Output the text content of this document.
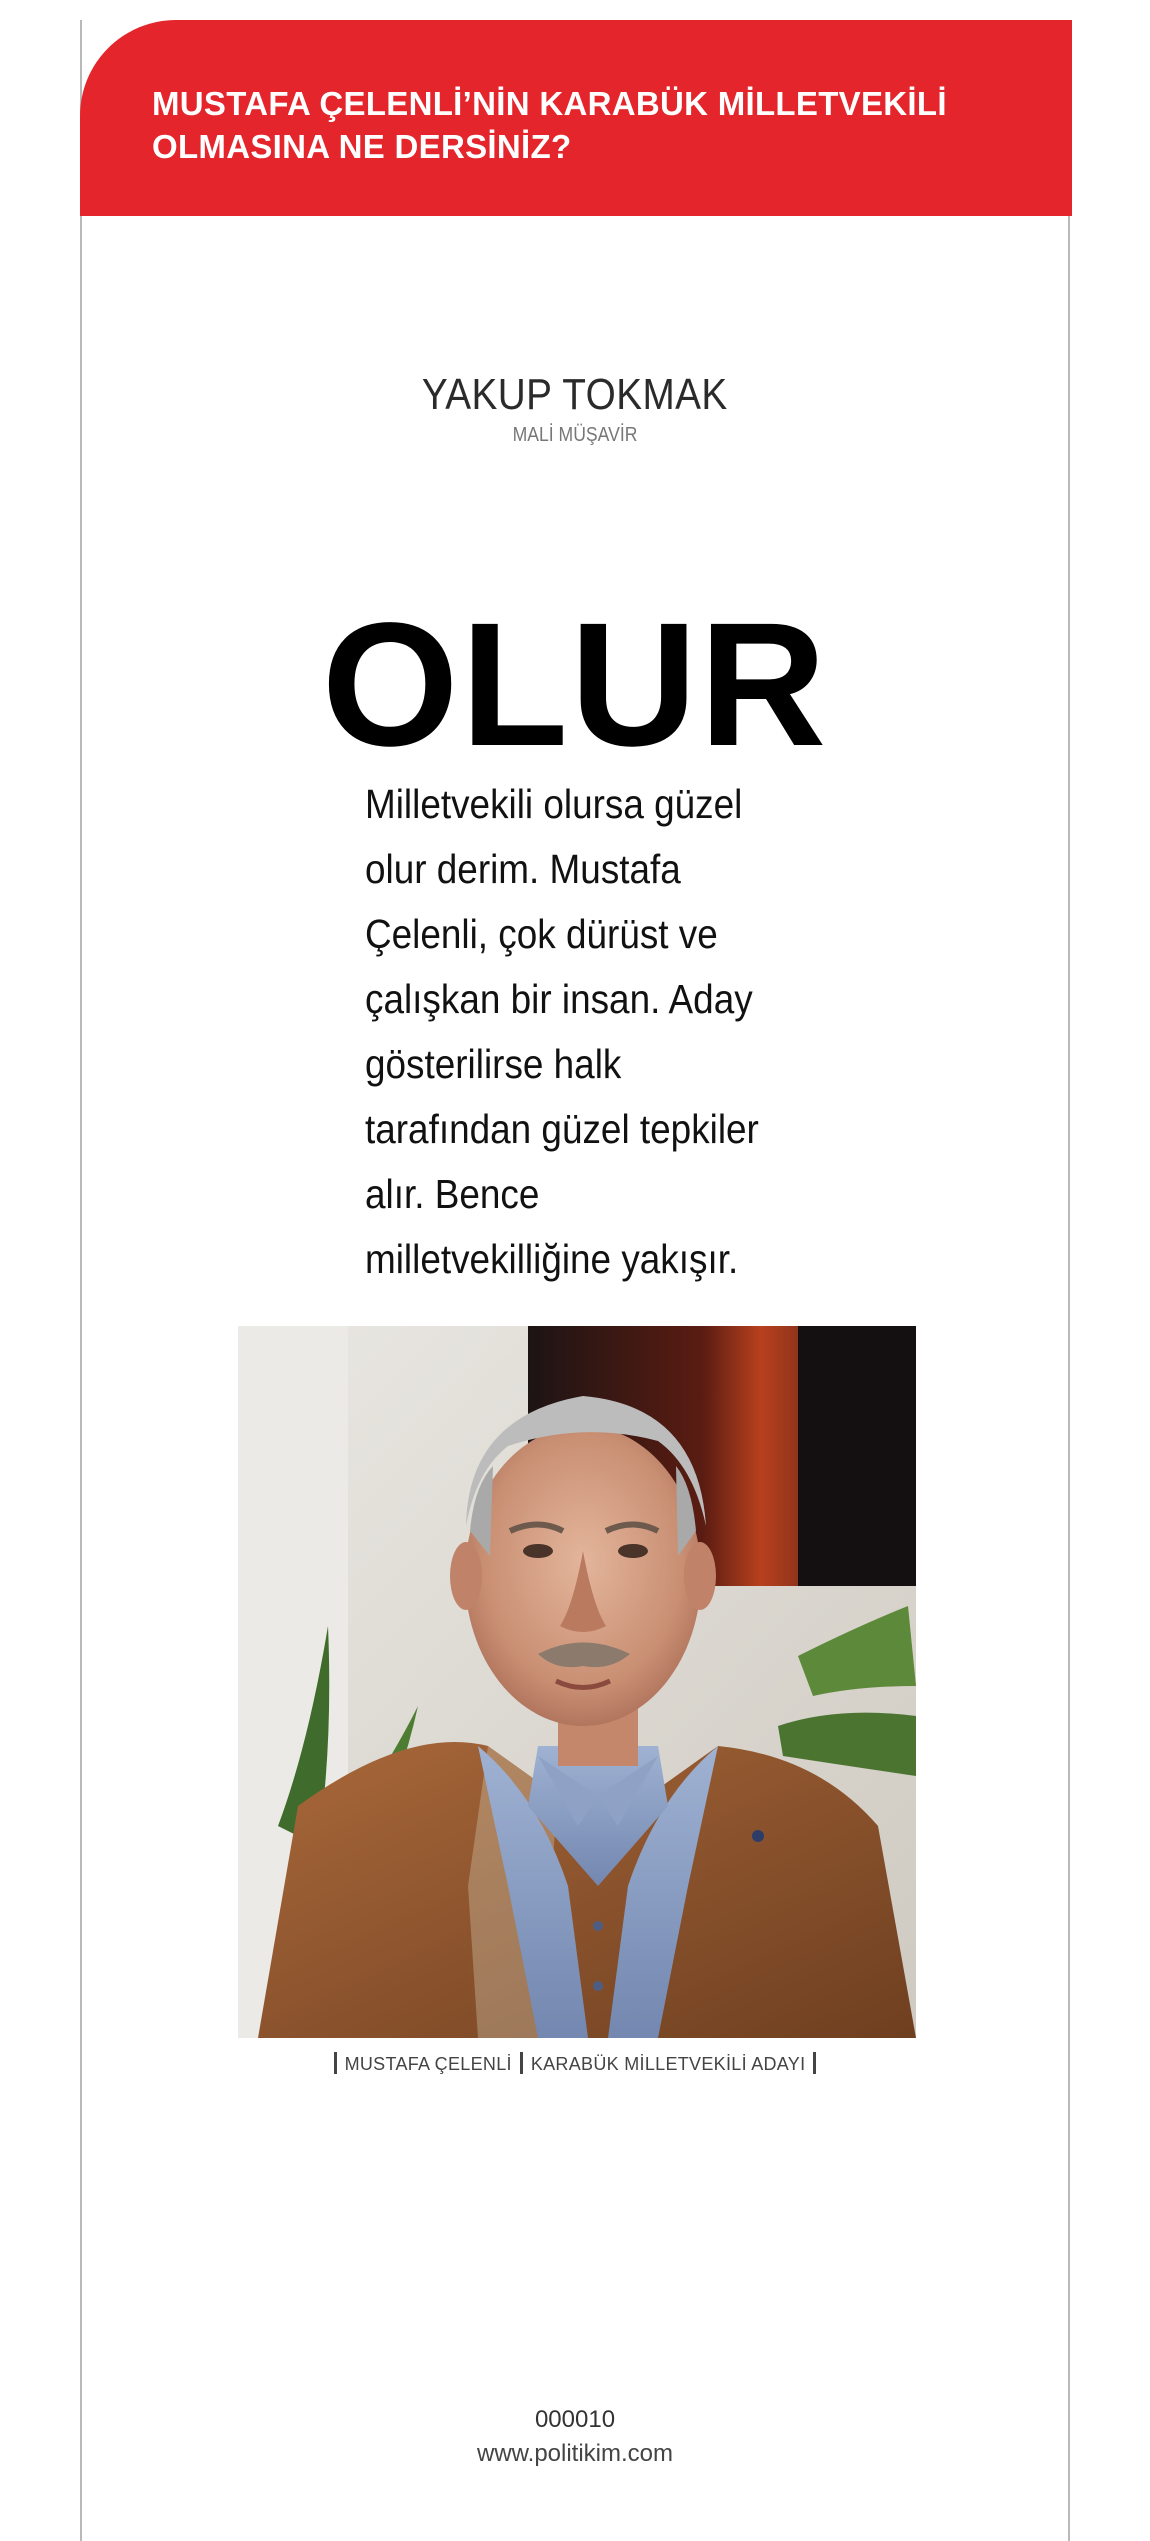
MUSTAFA ÇELENLİ’NİN KARABÜK MİLLETVEKİLİ
OLMASINA NE DERSİNİZ?
YAKUP TOKMAK
MALİ MÜŞAVİR
OLUR

Milletvekili olursa güzel olur derim. Mustafa Çelenli, çok dürüst ve çalışkan bir insan. Aday gösterilirse halk tarafından güzel tepkiler alır. Bence milletvekilliğine yakışır.

MUSTAFA ÇELENLİ KARABÜK MİLLETVEKİLİ ADAYI
000010
www.politikim.com
